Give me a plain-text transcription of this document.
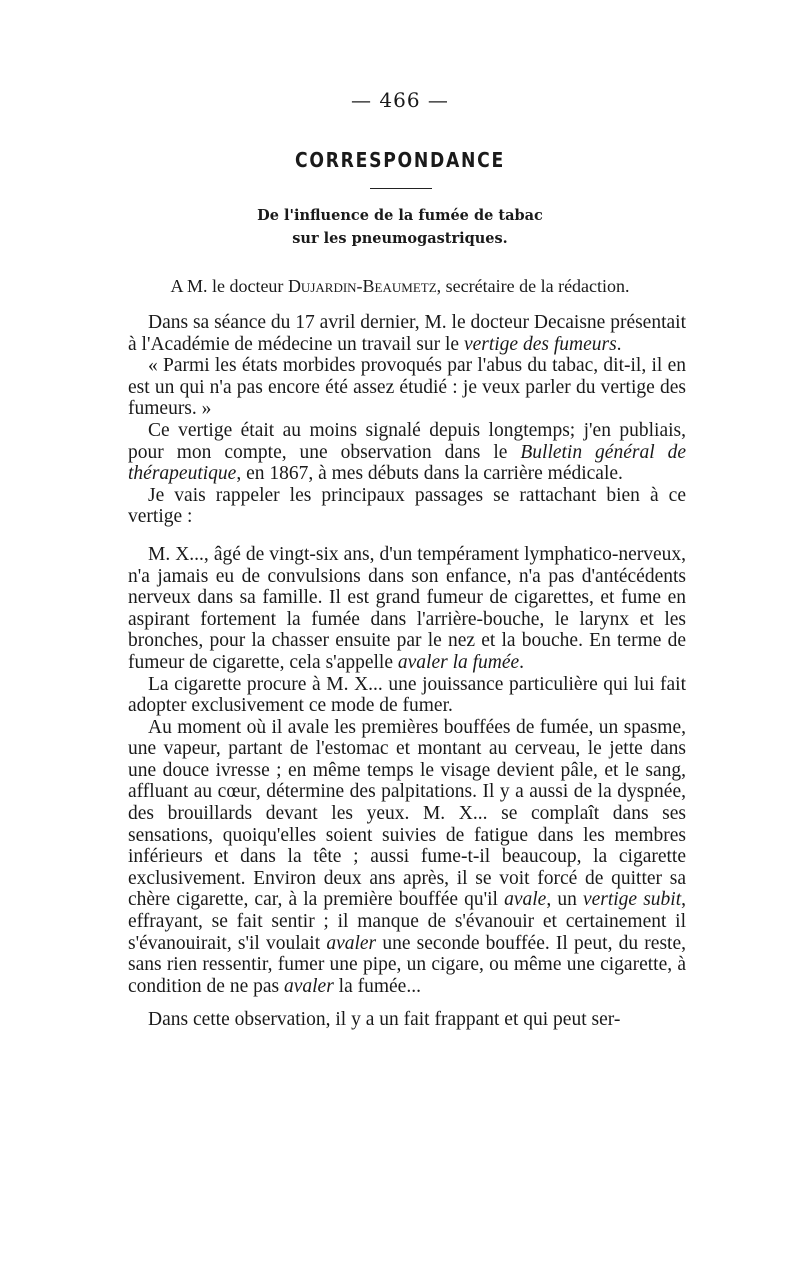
— 466 —
CORRESPONDANCE
De l'influence de la fumée de tabac
sur les pneumogastriques.
A M. le docteur Dujardin-Beaumetz, secrétaire de la rédaction.

Dans sa séance du 17 avril dernier, M. le docteur Decaisne présentait à l'Académie de médecine un travail sur le vertige des fumeurs.

« Parmi les états morbides provoqués par l'abus du tabac, dit-il, il en est un qui n'a pas encore été assez étudié : je veux parler du vertige des fumeurs. »

Ce vertige était au moins signalé depuis longtemps; j'en publiais, pour mon compte, une observation dans le Bulletin général de thérapeutique, en 1867, à mes débuts dans la carrière médicale.

Je vais rappeler les principaux passages se rattachant bien à ce vertige :

M. X..., âgé de vingt-six ans, d'un tempérament lymphatico-nerveux, n'a jamais eu de convulsions dans son enfance, n'a pas d'antécédents nerveux dans sa famille. Il est grand fumeur de cigarettes, et fume en aspirant fortement la fumée dans l'arrière-bouche, le larynx et les bronches, pour la chasser ensuite par le nez et la bouche. En terme de fumeur de cigarette, cela s'appelle avaler la fumée.

La cigarette procure à M. X... une jouissance particulière qui lui fait adopter exclusivement ce mode de fumer.

Au moment où il avale les premières bouffées de fumée, un spasme, une vapeur, partant de l'estomac et montant au cerveau, le jette dans une douce ivresse ; en même temps le visage devient pâle, et le sang, affluant au cœur, détermine des palpitations. Il y a aussi de la dyspnée, des brouillards devant les yeux. M. X... se complaît dans ses sensations, quoiqu'elles soient suivies de fatigue dans les membres inférieurs et dans la tête ; aussi fume-t-il beaucoup, la cigarette exclusivement. Environ deux ans après, il se voit forcé de quitter sa chère cigarette, car, à la première bouffée qu'il avale, un vertige subit, effrayant, se fait sentir ; il manque de s'évanouir et certainement il s'évanouirait, s'il voulait avaler une seconde bouffée. Il peut, du reste, sans rien ressentir, fumer une pipe, un cigare, ou même une cigarette, à condition de ne pas avaler la fumée...

Dans cette observation, il y a un fait frappant et qui peut ser-
